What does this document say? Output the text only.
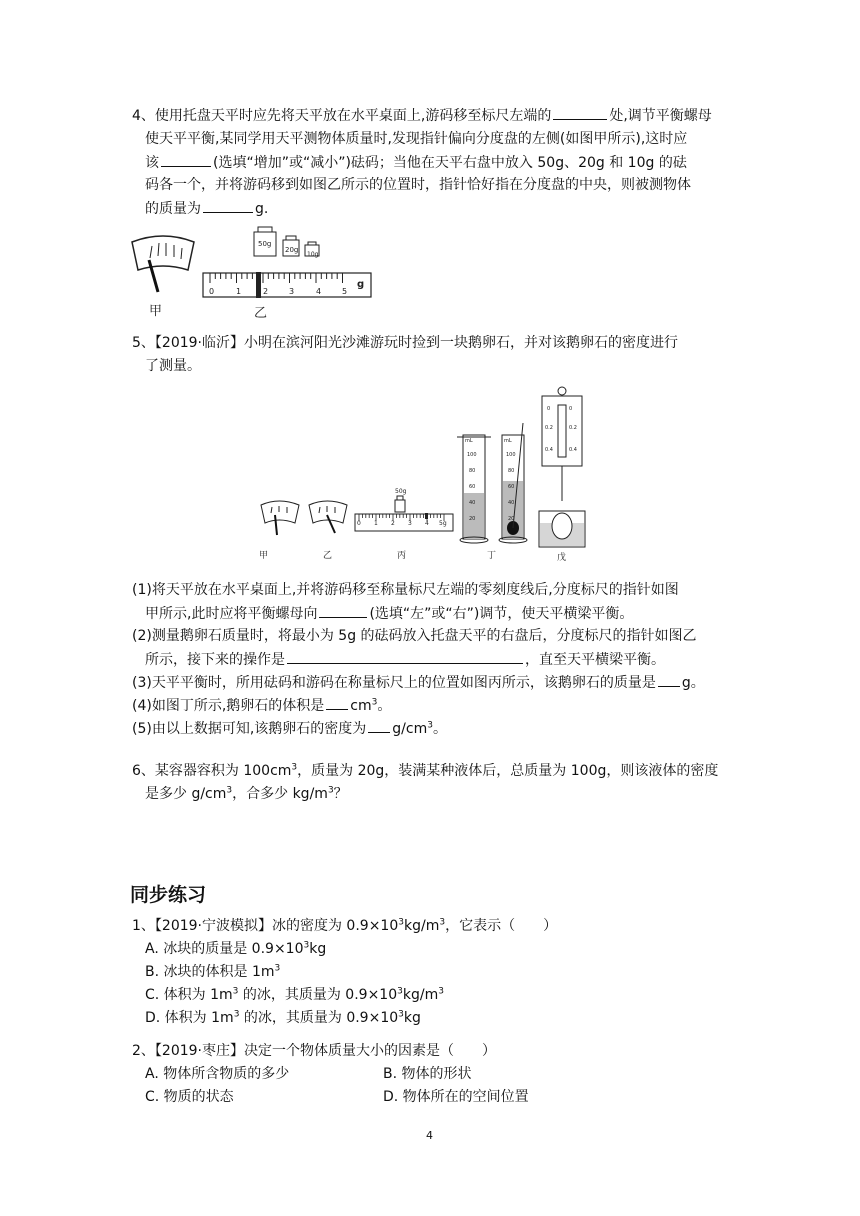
4、使用托盘天平时应先将天平放在水平桌面上,游码移至标尺左端的	处,调节平衡螺母
使天平平衡,某同学用天平测物体质量时,发现指针偏向分度盘的左侧(如图甲所示),这时应
该	(选填“增加”或“减小”)砝码；当他在天平右盘中放入 50g、20g 和 10g 的砝
码各一个，并将游码移到如图乙所示的位置时，指针恰好指在分度盘的中央，则被测物体
的质量为	g.
甲
50g
20g
10g
0	1	2	3	4	5
g
乙
5、【2019·临沂】小明在滨河阳光沙滩游玩时捡到一块鹅卵石，并对该鹅卵石的密度进行
了测量。
甲	乙	丙	丁	戊
50g
0 1 2 3 4 5g
mL
100
80
60
40
20
mL
100
80
60
40
20
0
0.2
0.4
0
0.2
0.4
(1)将天平放在水平桌面上,并将游码移至称量标尺左端的零刻度线后,分度标尺的指针如图
甲所示,此时应将平衡螺母向	(选填“左”或“右”)调节，使天平横梁平衡。
(2)测量鹅卵石质量时，将最小为 5g 的砝码放入托盘天平的右盘后，分度标尺的指针如图乙
所示，接下来的操作是	，直至天平横梁平衡。
(3)天平平衡时，所用砝码和游码在称量标尺上的位置如图丙所示，该鹅卵石的质量是 g。
(4)如图丁所示,鹅卵石的体积是 $cm^3$。
(5)由以上数据可知,该鹅卵石的密度为 $g/cm^3$。
6、某容器容积为 $100cm^3$，质量为 20g，装满某种液体后，总质量为 100g，则该液体的密度
是多少 $g/cm^3$，合多少 $kg/m^3$？
同步练习
1、【2019·宁波模拟】冰的密度为 $0.9\times 10^3kg/m^3$，它表示（　　）
A. 冰块的质量是 $0.9\times 10^3kg$
B. 冰块的体积是 $1m^3$
C. 体积为 $1m^3$ 的冰，其质量为 $0.9\times 10^3kg/m^3$
D. 体积为 $1m^3$ 的冰，其质量为 $0.9\times 10^3kg$
2、【2019·枣庄】决定一个物体质量大小的因素是（　　）
A. 物体所含物质的多少	B. 物体的形状
C. 物质的状态	D. 物体所在的空间位置
4
